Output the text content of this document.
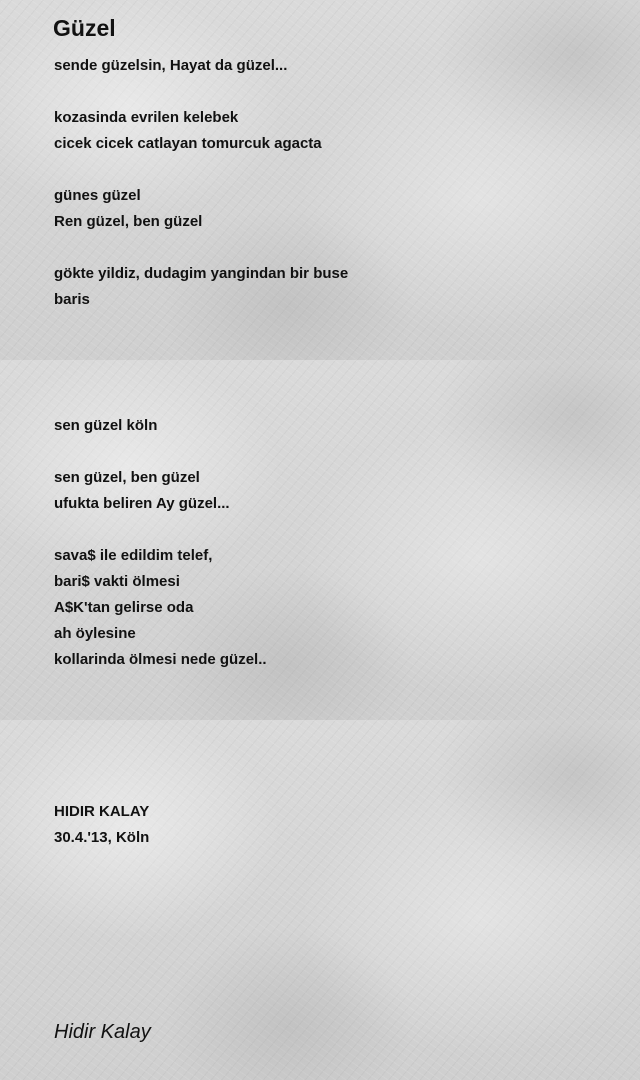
Güzel

sende güzelsin, Hayat da güzel...

kozasinda evrilen kelebek

cicek cicek catlayan tomurcuk agacta

günes güzel

Ren güzel, ben güzel

gökte yildiz, dudagim yangindan bir buse

baris

sen güzel köln

sen güzel, ben güzel

ufukta beliren Ay güzel...

sava$ ile edildim telef,

bari$ vakti ölmesi

A$K'tan gelirse oda

ah öylesine

kollarinda ölmesi nede güzel..

HIDIR KALAY

30.4.'13, Köln

Hidir Kalay
